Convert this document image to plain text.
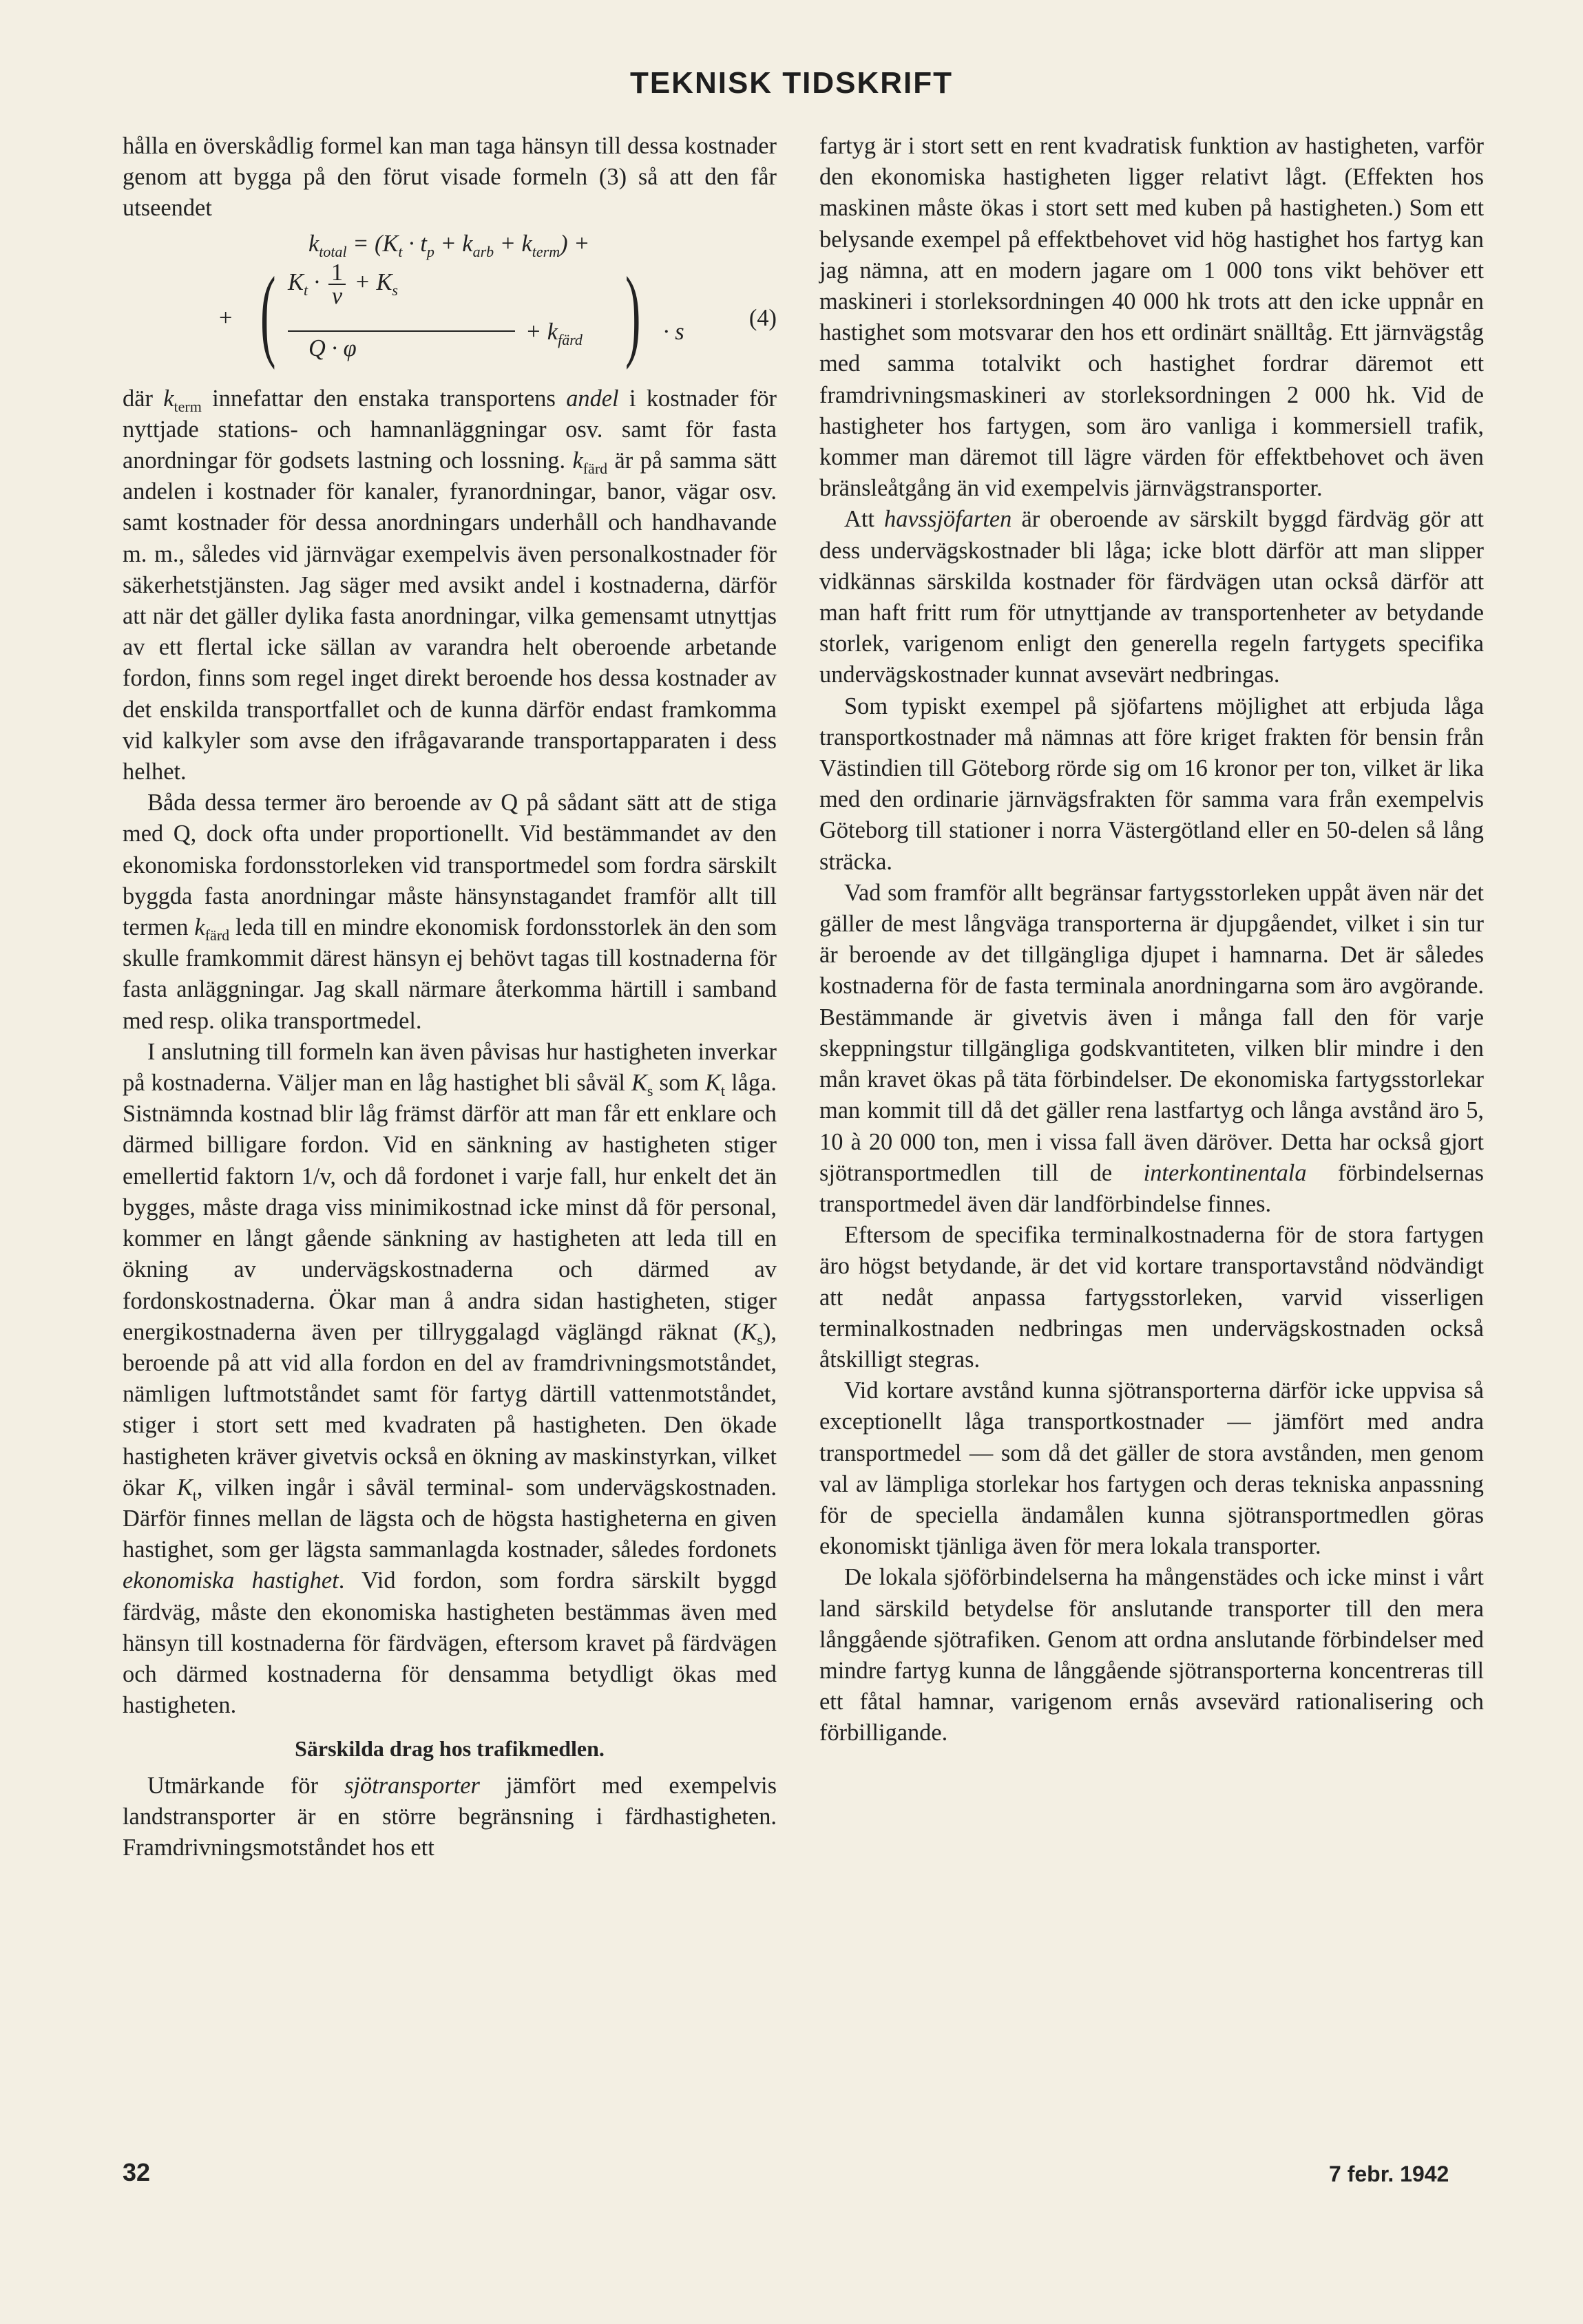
TEKNISK TIDSKRIFT

hålla en överskådlig formel kan man taga hänsyn till dessa kostnader genom att bygga på den förut visade formeln (3) så att den får utseendet

$k_{total} = (K_t \cdot t_p + k_{arb} + k_{term})$ +
+ ( $K_t \cdot \frac{1}{v} + K_s$
Q · φ
+ $k_{färd}$ ) · s
(4)

där $k_{term}$ innefattar den enstaka transportens andel i kostnader för nyttjade stations- och hamnanläggningar osv. samt för fasta anordningar för godsets lastning och lossning. $k_{färd}$ är på samma sätt andelen i kostnader för kanaler, fyranordningar, banor, vägar osv. samt kostnader för dessa anordningars underhåll och handhavande m. m., således vid järnvägar exempelvis även personalkostnader för säkerhetstjänsten. Jag säger med avsikt andel i kostnaderna, därför att när det gäller dylika fasta anordningar, vilka gemensamt utnyttjas av ett flertal icke sällan av varandra helt oberoende arbetande fordon, finns som regel inget direkt beroende hos dessa kostnader av det enskilda transportfallet och de kunna därför endast framkomma vid kalkyler som avse den ifrågavarande transportapparaten i dess helhet.

Båda dessa termer äro beroende av Q på sådant sätt att de stiga med Q, dock ofta under proportionellt. Vid bestämmandet av den ekonomiska fordonsstorleken vid transportmedel som fordra särskilt byggda fasta anordningar måste hänsynstagandet framför allt till termen $k_{färd}$ leda till en mindre ekonomisk fordonsstorlek än den som skulle framkommit därest hänsyn ej behövt tagas till kostnaderna för fasta anläggningar. Jag skall närmare återkomma härtill i samband med resp. olika transportmedel.

I anslutning till formeln kan även påvisas hur hastigheten inverkar på kostnaderna. Väljer man en låg hastighet bli såväl $K_s$ som $K_t$ låga. Sistnämnda kostnad blir låg främst därför att man får ett enklare och därmed billigare fordon. Vid en sänkning av hastigheten stiger emellertid faktorn 1/v, och då fordonet i varje fall, hur enkelt det än bygges, måste draga viss minimikostnad icke minst då för personal, kommer en långt gående sänkning av hastigheten att leda till en ökning av undervägskostnaderna och därmed av fordonskostnaderna. Ökar man å andra sidan hastigheten, stiger energikostnaderna även per tillryggalagd väglängd räknat $(K_s)$, beroende på att vid alla fordon en del av framdrivningsmotståndet, nämligen luftmotståndet samt för fartyg därtill vattenmotståndet, stiger i stort sett med kvadraten på hastigheten. Den ökade hastigheten kräver givetvis också en ökning av maskinstyrkan, vilket ökar $K_t$, vilken ingår i såväl terminal- som undervägskostnaden. Därför finnes mellan de lägsta och de högsta hastigheterna en given hastighet, som ger lägsta sammanlagda kostnader, således fordonets ekonomiska hastighet. Vid fordon, som fordra särskilt byggd färdväg, måste den ekonomiska hastigheten bestämmas även med hänsyn till kostnaderna för färdvägen, eftersom kravet på färdvägen och därmed kostnaderna för densamma betydligt ökas med hastigheten.

Särskilda drag hos trafikmedlen.

Utmärkande för sjötransporter jämfört med exempelvis landstransporter är en större begränsning i färdhastigheten. Framdrivningsmotståndet hos ett

fartyg är i stort sett en rent kvadratisk funktion av hastigheten, varför den ekonomiska hastigheten ligger relativt lågt. (Effekten hos maskinen måste ökas i stort sett med kuben på hastigheten.) Som ett belysande exempel på effektbehovet vid hög hastighet hos fartyg kan jag nämna, att en modern jagare om 1 000 tons vikt behöver ett maskineri i storleksordningen 40 000 hk trots att den icke uppnår en hastighet som motsvarar den hos ett ordinärt snälltåg. Ett järnvägståg med samma totalvikt och hastighet fordrar däremot ett framdrivningsmaskineri av storleksordningen 2 000 hk. Vid de hastigheter hos fartygen, som äro vanliga i kommersiell trafik, kommer man däremot till lägre värden för effektbehovet och även bränsleåtgång än vid exempelvis järnvägstransporter.

Att havssjöfarten är oberoende av särskilt byggd färdväg gör att dess undervägskostnader bli låga; icke blott därför att man slipper vidkännas särskilda kostnader för färdvägen utan också därför att man haft fritt rum för utnyttjande av transportenheter av betydande storlek, varigenom enligt den generella regeln fartygets specifika undervägskostnader kunnat avsevärt nedbringas.

Som typiskt exempel på sjöfartens möjlighet att erbjuda låga transportkostnader må nämnas att före kriget frakten för bensin från Västindien till Göteborg rörde sig om 16 kronor per ton, vilket är lika med den ordinarie järnvägsfrakten för samma vara från exempelvis Göteborg till stationer i norra Västergötland eller en 50-delen så lång sträcka.

Vad som framför allt begränsar fartygsstorleken uppåt även när det gäller de mest långväga transporterna är djupgåendet, vilket i sin tur är beroende av det tillgängliga djupet i hamnarna. Det är således kostnaderna för de fasta terminala anordningarna som äro avgörande. Bestämmande är givetvis även i många fall den för varje skeppningstur tillgängliga godskvantiteten, vilken blir mindre i den mån kravet ökas på täta förbindelser. De ekonomiska fartygsstorlekar man kommit till då det gäller rena lastfartyg och långa avstånd äro 5, 10 à 20 000 ton, men i vissa fall även däröver. Detta har också gjort sjötransportmedlen till de interkontinentala förbindelsernas transportmedel även där landförbindelse finnes.

Eftersom de specifika terminalkostnaderna för de stora fartygen äro högst betydande, är det vid kortare transportavstånd nödvändigt att nedåt anpassa fartygsstorleken, varvid visserligen terminalkostnaden nedbringas men undervägskostnaden också åtskilligt stegras.

Vid kortare avstånd kunna sjötransporterna därför icke uppvisa så exceptionellt låga transportkostnader — jämfört med andra transportmedel — som då det gäller de stora avstånden, men genom val av lämpliga storlekar hos fartygen och deras tekniska anpassning för de speciella ändamålen kunna sjötransportmedlen göras ekonomiskt tjänliga även för mera lokala transporter.

De lokala sjöförbindelserna ha mångenstädes och icke minst i vårt land särskild betydelse för anslutande transporter till den mera långgående sjötrafiken. Genom att ordna anslutande förbindelser med mindre fartyg kunna de långgående sjötransporterna koncentreras till ett fåtal hamnar, varigenom ernås avsevärd rationalisering och förbilligande.

32	7 febr. 1942
